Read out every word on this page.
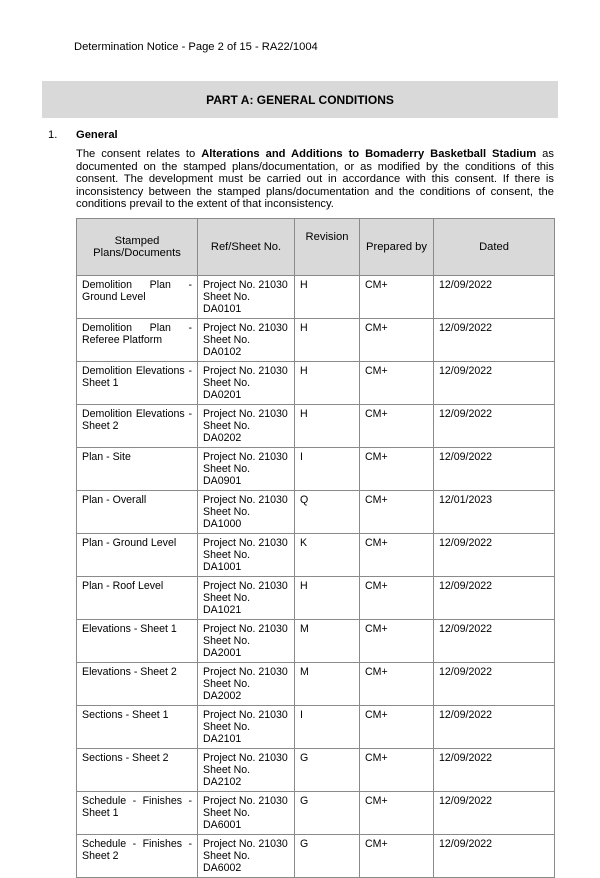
Determination Notice - Page 2 of 15 - RA22/1004
PART A: GENERAL CONDITIONS
1. General
The consent relates to Alterations and Additions to Bomaderry Basketball Stadium as documented on the stamped plans/documentation, or as modified by the conditions of this consent. The development must be carried out in accordance with this consent. If there is inconsistency between the stamped plans/documentation and the conditions of consent, the conditions prevail to the extent of that inconsistency.
Stamped Plans/Documents	Ref/Sheet No.	Revision	Prepared by	Dated
Demolition Plan - Ground Level	Project No. 21030
Sheet No. DA0101	H	CM+	12/09/2022
Demolition Plan - Referee Platform	Project No. 21030
Sheet No. DA0102	H	CM+	12/09/2022
Demolition Elevations - Sheet 1	Project No. 21030
Sheet No. DA0201	H	CM+	12/09/2022
Demolition Elevations - Sheet 2	Project No. 21030
Sheet No. DA0202	H	CM+	12/09/2022
Plan - Site	Project No. 21030
Sheet No. DA0901	I	CM+	12/09/2022
Plan - Overall	Project No. 21030
Sheet No. DA1000	Q	CM+	12/01/2023
Plan - Ground Level	Project No. 21030
Sheet No. DA1001	K	CM+	12/09/2022
Plan - Roof Level	Project No. 21030
Sheet No. DA1021	H	CM+	12/09/2022
Elevations - Sheet 1	Project No. 21030
Sheet No. DA2001	M	CM+	12/09/2022
Elevations - Sheet 2	Project No. 21030
Sheet No. DA2002	M	CM+	12/09/2022
Sections - Sheet 1	Project No. 21030
Sheet No. DA2101	I	CM+	12/09/2022
Sections - Sheet 2	Project No. 21030
Sheet No. DA2102	G	CM+	12/09/2022
Schedule - Finishes - Sheet 1	Project No. 21030
Sheet No. DA6001	G	CM+	12/09/2022
Schedule - Finishes - Sheet 2	Project No. 21030
Sheet No. DA6002	G	CM+	12/09/2022
